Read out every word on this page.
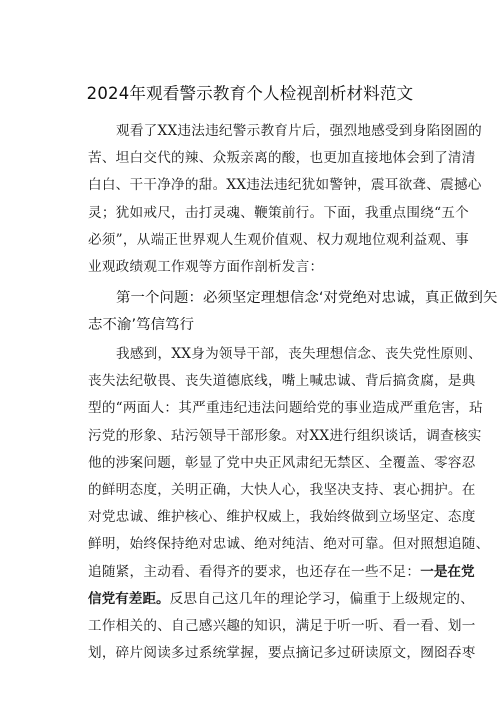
2024年观看警示教育个人检视剖析材料范文
观看了XX违法违纪警示教育片后，强烈地感受到身陷囹圄的
苦、坦白交代的辣、众叛亲离的酸，也更加直接地体会到了清清
白白、干干净净的甜。XX违法违纪犹如警钟，震耳欲聋、震撼心
灵；犹如戒尺，击打灵魂、鞭策前行。下面，我重点围绕“五个
必须”，从端正世界观人生观价值观、权力观地位观利益观、事
业观政绩观工作观等方面作剖析发言：
第一个问题：必须坚定理想信念‘对党绝对忠诚，真正做到矢
志不渝’笃信笃行
我感到，XX身为领导干部，丧失理想信念、丧失党性原则、
丧失法纪敬畏、丧失道德底线，嘴上喊忠诚、背后搞贪腐，是典
型的“两面人：其严重违纪违法问题给党的事业造成严重危害，玷
污党的形象、玷污领导干部形象。对XX进行组织谈话，调查核实
他的涉案问题，彰显了党中央正风肃纪无禁区、全覆盖、零容忍
的鲜明态度，关明正确，大快人心，我坚决支持、衷心拥护。在
对党忠诚、维护核心、维护权威上，我始终做到立场坚定、态度
鲜明，始终保持绝对忠诚、绝对纯洁、绝对可靠。但对照想追随、
追随紧，主动看、看得齐的要求，也还存在一些不足：一是在党
信党有差距。反思自己这几年的理论学习，偏重于上级规定的、
工作相关的、自己感兴趣的知识，满足于听一听、看一看、划一
划，碎片阅读多过系统掌握，要点摘记多过研读原文，囫囵吞枣
